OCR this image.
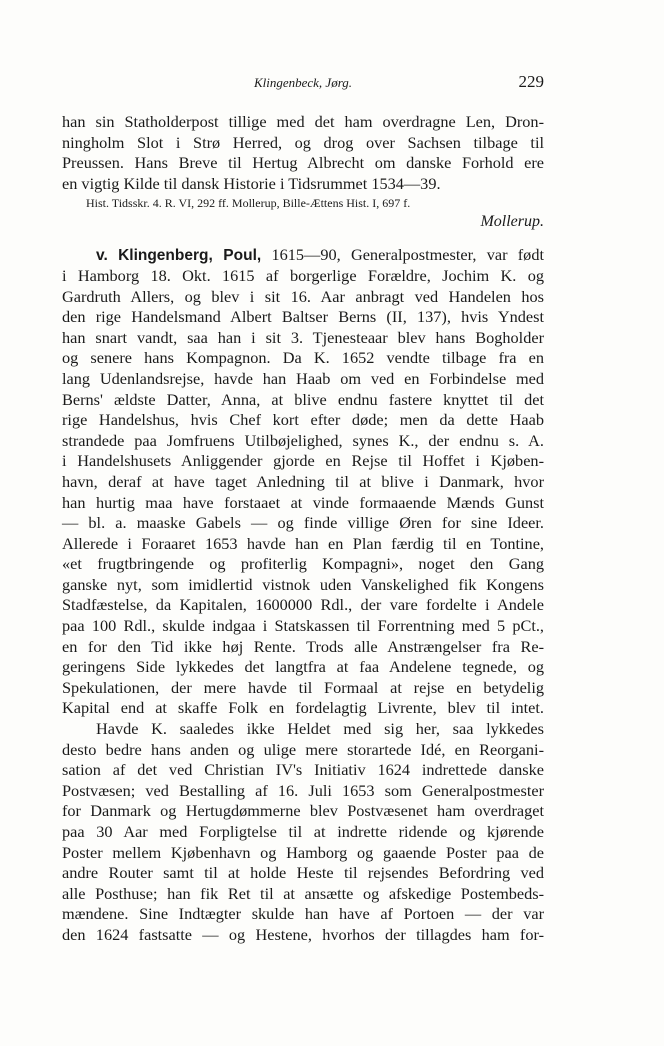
Klingenbeck, Jørg.	229
han sin Statholderpost tillige med det ham overdragne Len, Dron-
ningholm Slot i Strø Herred, og drog over Sachsen tilbage til
Preussen. Hans Breve til Hertug Albrecht om danske Forhold ere
en vigtig Kilde til dansk Historie i Tidsrummet 1534—39.
Hist. Tidsskr. 4. R. VI, 292 ff. Mollerup, Bille-Ættens Hist. I, 697 f.
Mollerup.
v. Klingenberg, Poul, 1615—90, Generalpostmester, var født
i Hamborg 18. Okt. 1615 af borgerlige Forældre, Jochim K. og
Gardruth Allers, og blev i sit 16. Aar anbragt ved Handelen hos
den rige Handelsmand Albert Baltser Berns (II, 137), hvis Yndest
han snart vandt, saa han i sit 3. Tjenesteaar blev hans Bogholder
og senere hans Kompagnon. Da K. 1652 vendte tilbage fra en
lang Udenlandsrejse, havde han Haab om ved en Forbindelse med
Berns' ældste Datter, Anna, at blive endnu fastere knyttet til det
rige Handelshus, hvis Chef kort efter døde; men da dette Haab
strandede paa Jomfruens Utilbøjelighed, synes K., der endnu s. A.
i Handelshusets Anliggender gjorde en Rejse til Hoffet i Kjøben-
havn, deraf at have taget Anledning til at blive i Danmark, hvor
han hurtig maa have forstaaet at vinde formaaende Mænds Gunst
— bl. a. maaske Gabels — og finde villige Øren for sine Ideer.
Allerede i Foraaret 1653 havde han en Plan færdig til en Tontine,
«et frugtbringende og profiterlig Kompagni», noget den Gang
ganske nyt, som imidlertid vistnok uden Vanskelighed fik Kongens
Stadfæstelse, da Kapitalen, 1600000 Rdl., der vare fordelte i Andele
paa 100 Rdl., skulde indgaa i Statskassen til Forrentning med 5 pCt.,
en for den Tid ikke høj Rente. Trods alle Anstrængelser fra Re-
geringens Side lykkedes det langtfra at faa Andelene tegnede, og
Spekulationen, der mere havde til Formaal at rejse en betydelig
Kapital end at skaffe Folk en fordelagtig Livrente, blev til intet.
Havde K. saaledes ikke Heldet med sig her, saa lykkedes
desto bedre hans anden og ulige mere storartede Idé, en Reorgani-
sation af det ved Christian IV's Initiativ 1624 indrettede danske
Postvæsen; ved Bestalling af 16. Juli 1653 som Generalpostmester
for Danmark og Hertugdømmerne blev Postvæsenet ham overdraget
paa 30 Aar med Forpligtelse til at indrette ridende og kjørende
Poster mellem Kjøbenhavn og Hamborg og gaaende Poster paa de
andre Router samt til at holde Heste til rejsendes Befordring ved
alle Posthuse; han fik Ret til at ansætte og afskedige Postembeds-
mændene. Sine Indtægter skulde han have af Portoen — der var
den 1624 fastsatte — og Hestene, hvorhos der tillagdes ham for-
